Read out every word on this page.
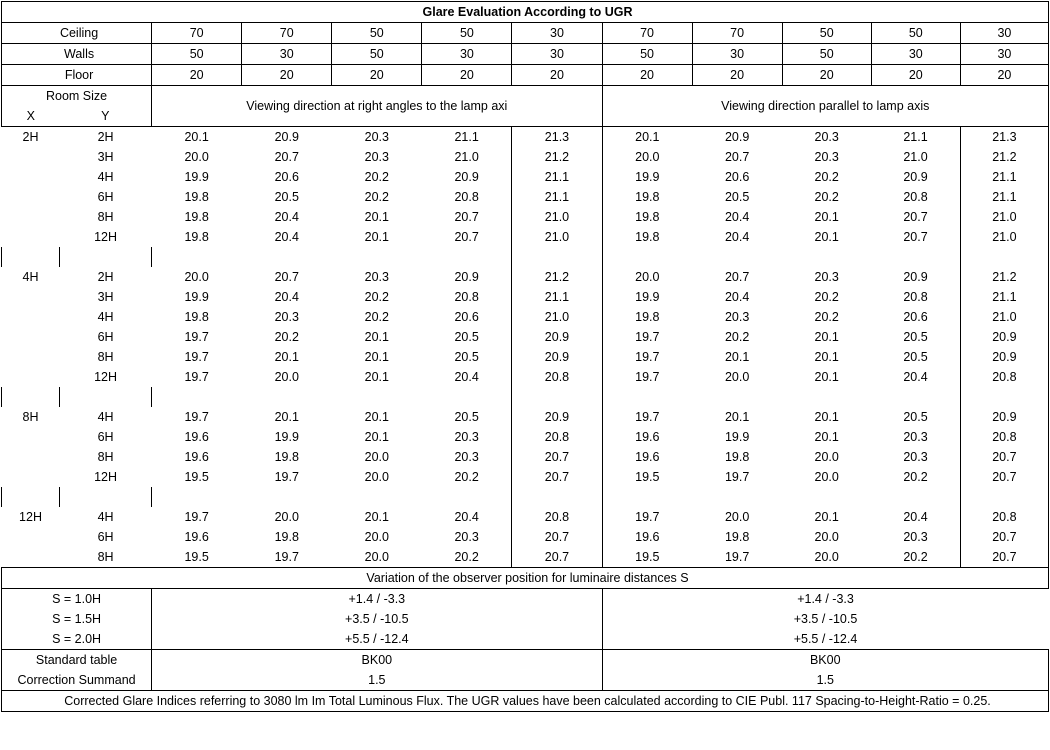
Glare Evaluation According to UGR											
Ceiling		70	70	50	50	30	70	70	50	50	30
Walls		50	30	50	30	30	50	30	50	30	30
Floor		20	20	20	20	20	20	20	20	20	20
Room Size		Viewing direction at right angles to the lamp axi					Viewing direction parallel to lamp axis				
X	Y										
2H	2H	20.1	20.9	20.3	21.1	21.3	20.1	20.9	20.3	21.1	21.3
	3H	20.0	20.7	20.3	21.0	21.2	20.0	20.7	20.3	21.0	21.2
	4H	19.9	20.6	20.2	20.9	21.1	19.9	20.6	20.2	20.9	21.1
	6H	19.8	20.5	20.2	20.8	21.1	19.8	20.5	20.2	20.8	21.1
	8H	19.8	20.4	20.1	20.7	21.0	19.8	20.4	20.1	20.7	21.0
	12H	19.8	20.4	20.1	20.7	21.0	19.8	20.4	20.1	20.7	21.0

4H	2H	20.0	20.7	20.3	20.9	21.2	20.0	20.7	20.3	20.9	21.2
	3H	19.9	20.4	20.2	20.8	21.1	19.9	20.4	20.2	20.8	21.1
	4H	19.8	20.3	20.2	20.6	21.0	19.8	20.3	20.2	20.6	21.0
	6H	19.7	20.2	20.1	20.5	20.9	19.7	20.2	20.1	20.5	20.9
	8H	19.7	20.1	20.1	20.5	20.9	19.7	20.1	20.1	20.5	20.9
	12H	19.7	20.0	20.1	20.4	20.8	19.7	20.0	20.1	20.4	20.8

8H	4H	19.7	20.1	20.1	20.5	20.9	19.7	20.1	20.1	20.5	20.9
	6H	19.6	19.9	20.1	20.3	20.8	19.6	19.9	20.1	20.3	20.8
	8H	19.6	19.8	20.0	20.3	20.7	19.6	19.8	20.0	20.3	20.7
	12H	19.5	19.7	20.0	20.2	20.7	19.5	19.7	20.0	20.2	20.7

12H	4H	19.7	20.0	20.1	20.4	20.8	19.7	20.0	20.1	20.4	20.8
	6H	19.6	19.8	20.0	20.3	20.7	19.6	19.8	20.0	20.3	20.7
	8H	19.5	19.7	20.0	20.2	20.7	19.5	19.7	20.0	20.2	20.7
Variation of the observer position for luminaire distances S											
S = 1.0H		+1.4 / -3.3					+1.4 / -3.3				
S = 1.5H		+3.5 / -10.5					+3.5 / -10.5				
S = 2.0H		+5.5 / -12.4					+5.5 / -12.4				
Standard table		BK00					BK00				
Correction Summand		1.5					1.5				
Corrected Glare Indices referring to 3080 lm Im Total Luminous Flux. The UGR values have been calculated according to CIE Publ. 117 Spacing-to-Height-Ratio = 0.25.											
